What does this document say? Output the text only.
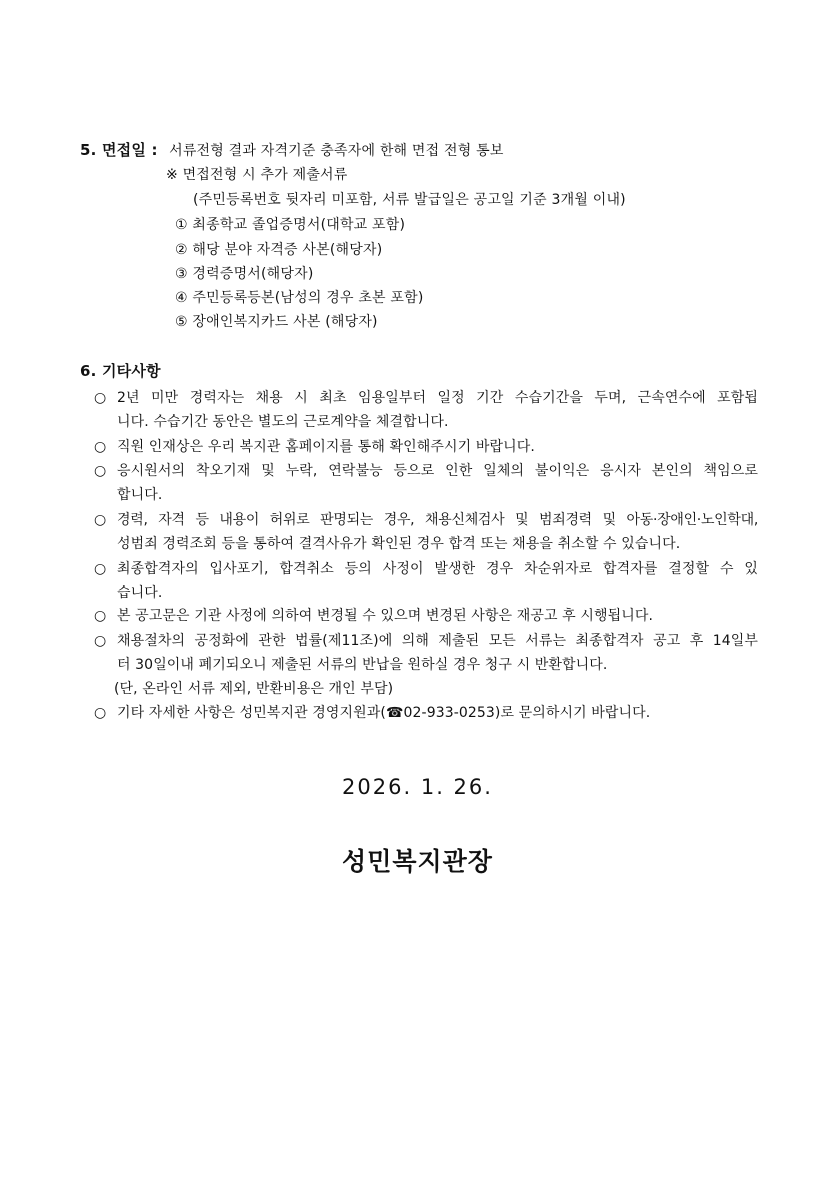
5. 면접일 : 서류전형 결과 자격기준 충족자에 한해 면접 전형 통보
※ 면접전형 시 추가 제출서류
(주민등록번호 뒷자리 미포함, 서류 발급일은 공고일 기준 3개월 이내)
① 최종학교 졸업증명서(대학교 포함)
② 해당 분야 자격증 사본(해당자)
③ 경력증명서(해당자)
④ 주민등록등본(남성의 경우 초본 포함)
⑤ 장애인복지카드 사본 (해당자)
6. 기타사항
○ 2년 미만 경력자는 채용 시 최초 임용일부터 일정 기간 수습기간을 두며, 근속연수에 포함됩
니다. 수습기간 동안은 별도의 근로계약을 체결합니다.
○ 직원 인재상은 우리 복지관 홈페이지를 통해 확인해주시기 바랍니다.
○ 응시원서의 착오기재 및 누락, 연락불능 등으로 인한 일체의 불이익은 응시자 본인의 책임으로
합니다.
○ 경력, 자격 등 내용이 허위로 판명되는 경우, 채용신체검사 및 범죄경력 및 아동·장애인·노인학대,
성범죄 경력조회 등을 통하여 결격사유가 확인된 경우 합격 또는 채용을 취소할 수 있습니다.
○ 최종합격자의 입사포기, 합격취소 등의 사정이 발생한 경우 차순위자로 합격자를 결정할 수 있
습니다.
○ 본 공고문은 기관 사정에 의하여 변경될 수 있으며 변경된 사항은 재공고 후 시행됩니다.
○ 채용절차의 공정화에 관한 법률(제11조)에 의해 제출된 모든 서류는 최종합격자 공고 후 14일부
터 30일이내 폐기되오니 제출된 서류의 반납을 원하실 경우 청구 시 반환합니다.
(단, 온라인 서류 제외, 반환비용은 개인 부담)
○ 기타 자세한 사항은 성민복지관 경영지원과(☎02-933-0253)로 문의하시기 바랍니다.
2026. 1. 26.
성민복지관장
